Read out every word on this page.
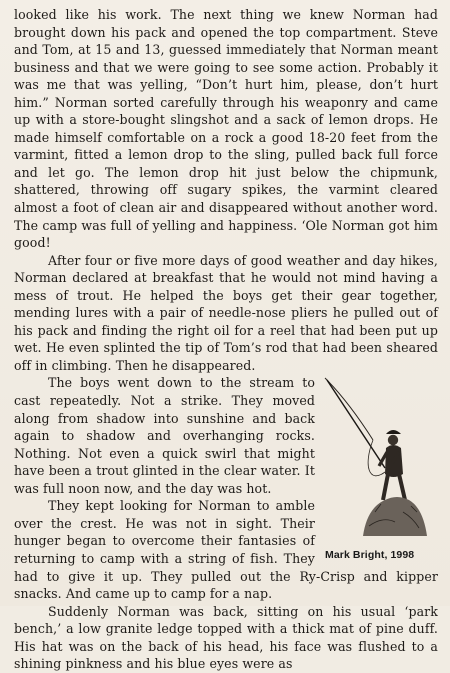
looked like his work. The next thing we knew Norman had brought down his pack and opened the top compartment. Steve and Tom, at 15 and 13, guessed immediately that Norman meant business and that we were going to see some action. Probably it was me that was yelling, “Don’t hurt him, please, don’t hurt him.” Norman sorted carefully through his weaponry and came up with a store-bought slingshot and a sack of lemon drops. He made himself comfortable on a rock a good 18-20 feet from the varmint, fitted a lemon drop to the sling, pulled back full force and let go. The lemon drop hit just below the chipmunk, shattered, throwing off sugary spikes, the varmint cleared almost a foot of clean air and disappeared without another word. The camp was full of yelling and happiness. ‘Ole Norman got him good!

After four or five more days of good weather and day hikes, Norman declared at breakfast that he would not mind having a mess of trout. He helped the boys get their gear together, mending lures with a pair of needle-nose pliers he pulled out of his pack and finding the right oil for a reel that had been put up wet. He even splinted the tip of Tom’s rod that had been sheared off in climbing. Then he disappeared.

Mark Bright, 1998

The boys went down to the stream to cast repeatedly. Not a strike. They moved along from shadow into sunshine and back again to shadow and overhanging rocks. Nothing. Not even a quick swirl that might have been a trout glinted in the clear water. It was full noon now, and the day was hot.

They kept looking for Norman to amble over the crest. He was not in sight. Their hunger began to overcome their fantasies of returning to camp with a string of fish. They had to give it up. They pulled out the Ry-Crisp and kipper snacks. And came up to camp for a nap.

Suddenly Norman was back, sitting on his usual ‘park bench,’ a low granite ledge topped with a thick mat of pine duff. His hat was on the back of his head, his face was flushed to a shining pinkness and his blue eyes were as
